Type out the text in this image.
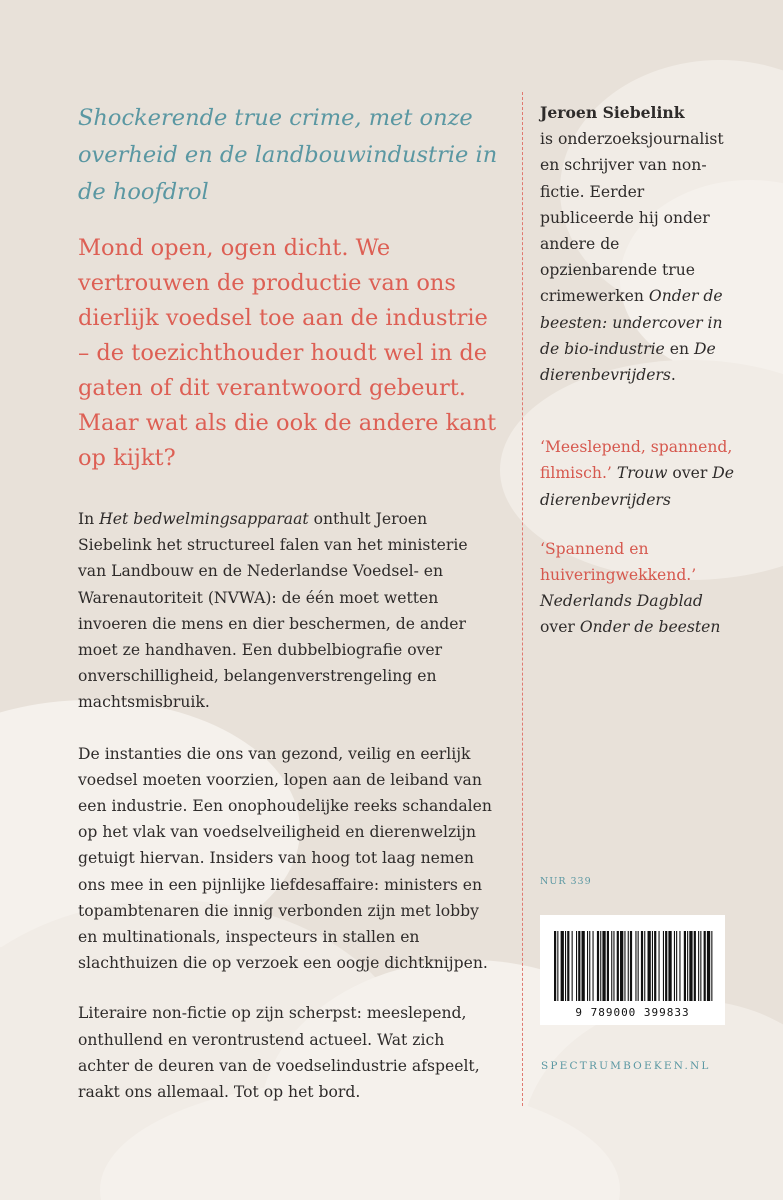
Shockerende true crime, met onze overheid en de landbouwindustrie in de hoofdrol

Mond open, ogen dicht. We vertrouwen de productie van ons dierlijk voedsel toe aan de industrie – de toezichthouder houdt wel in de gaten of dit verantwoord gebeurt. Maar wat als die ook de andere kant op kijkt?

In Het bedwelmingsapparaat onthult Jeroen Siebelink het structureel falen van het ministerie van Landbouw en de Nederlandse Voedsel- en Warenautoriteit (NVWA): de één moet wetten invoeren die mens en dier beschermen, de ander moet ze handhaven. Een dubbelbiografie over onverschilligheid, belangenverstrengeling en machtsmisbruik.

De instanties die ons van gezond, veilig en eerlijk voedsel moeten voorzien, lopen aan de leiband van een industrie. Een onophoudelijke reeks schandalen op het vlak van voedselveiligheid en dierenwelzijn getuigt hiervan. Insiders van hoog tot laag nemen ons mee in een pijnlijke liefdesaffaire: ministers en topambtenaren die innig verbonden zijn met lobby en multinationals, inspecteurs in stallen en slachthuizen die op verzoek een oogje dichtknijpen.

Literaire non-fictie op zijn scherpst: meeslepend, onthullend en verontrustend actueel. Wat zich achter de deuren van de voedselindustrie afspeelt, raakt ons allemaal. Tot op het bord.

Jeroen Siebelink
is onderzoeksjournalist en schrijver van non-fictie. Eerder publiceerde hij onder andere de opzienbarende true crimewerken Onder de beesten: undercover in de bio-industrie en De dierenbevrijders.
‘Meeslepend, spannend, filmisch.’ Trouw over De dierenbevrijders
‘Spannend en huiveringwekkend.’ Nederlands Dagblad over Onder de beesten
NUR 339
9 789000 399833
SPECTRUMBOEKEN.NL
